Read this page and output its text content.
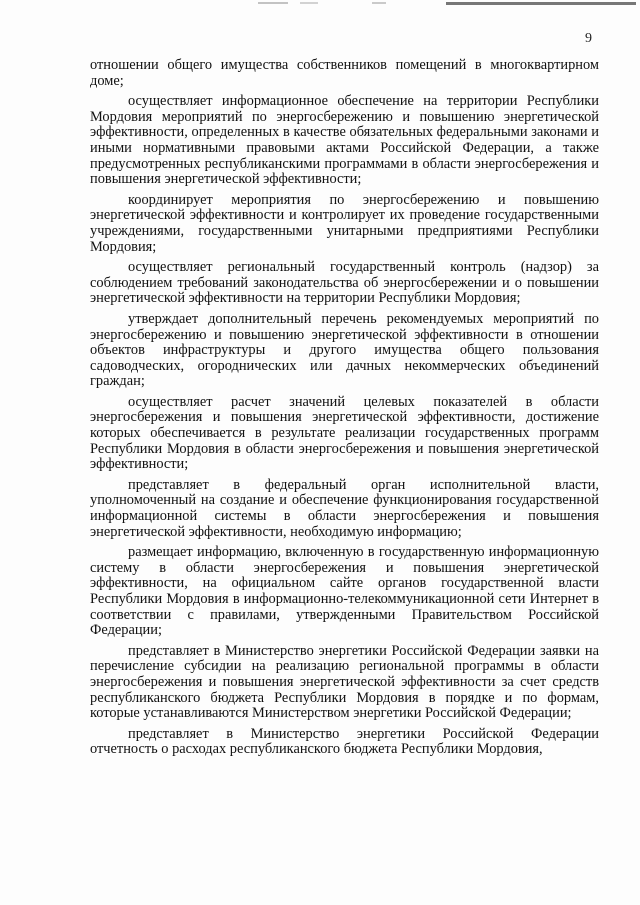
9

отношении общего имущества собственников помещений в многоквартирном доме;

осуществляет информационное обеспечение на территории Республики Мордовия мероприятий по энергосбережению и повышению энергетической эффективности, определенных в качестве обязательных федеральными законами и иными нормативными правовыми актами Российской Федерации, а также предусмотренных республиканскими программами в области энергосбережения и повышения энергетической эффективности;

координирует мероприятия по энергосбережению и повышению энергетической эффективности и контролирует их проведение государственными учреждениями, государственными унитарными предприятиями Республики Мордовия;

осуществляет региональный государственный контроль (надзор) за соблюдением требований законодательства об энергосбережении и о повышении энергетической эффективности на территории Республики Мордовия;

утверждает дополнительный перечень рекомендуемых мероприятий по энергосбережению и повышению энергетической эффективности в отношении объектов инфраструктуры и другого имущества общего пользования садоводческих, огороднических или дачных некоммерческих объединений граждан;

осуществляет расчет значений целевых показателей в области энергосбережения и повышения энергетической эффективности, достижение которых обеспечивается в результате реализации государственных программ Республики Мордовия в области энергосбережения и повышения энергетической эффективности;

представляет в федеральный орган исполнительной власти, уполномоченный на создание и обеспечение функционирования государственной информационной системы в области энергосбережения и повышения энергетической эффективности, необходимую информацию;

размещает информацию, включенную в государственную информационную систему в области энергосбережения и повышения энергетической эффективности, на официальном сайте органов государственной власти Республики Мордовия в информационно-телекоммуникационной сети Интернет в соответствии с правилами, утвержденными Правительством Российской Федерации;

представляет в Министерство энергетики Российской Федерации заявки на перечисление субсидии на реализацию региональной программы в области энергосбережения и повышения энергетической эффективности за счет средств республиканского бюджета Республики Мордовия в порядке и по формам, которые устанавливаются Министерством энергетики Российской Федерации;

представляет в Министерство энергетики Российской Федерации отчетность о расходах республиканского бюджета Республики Мордовия,
